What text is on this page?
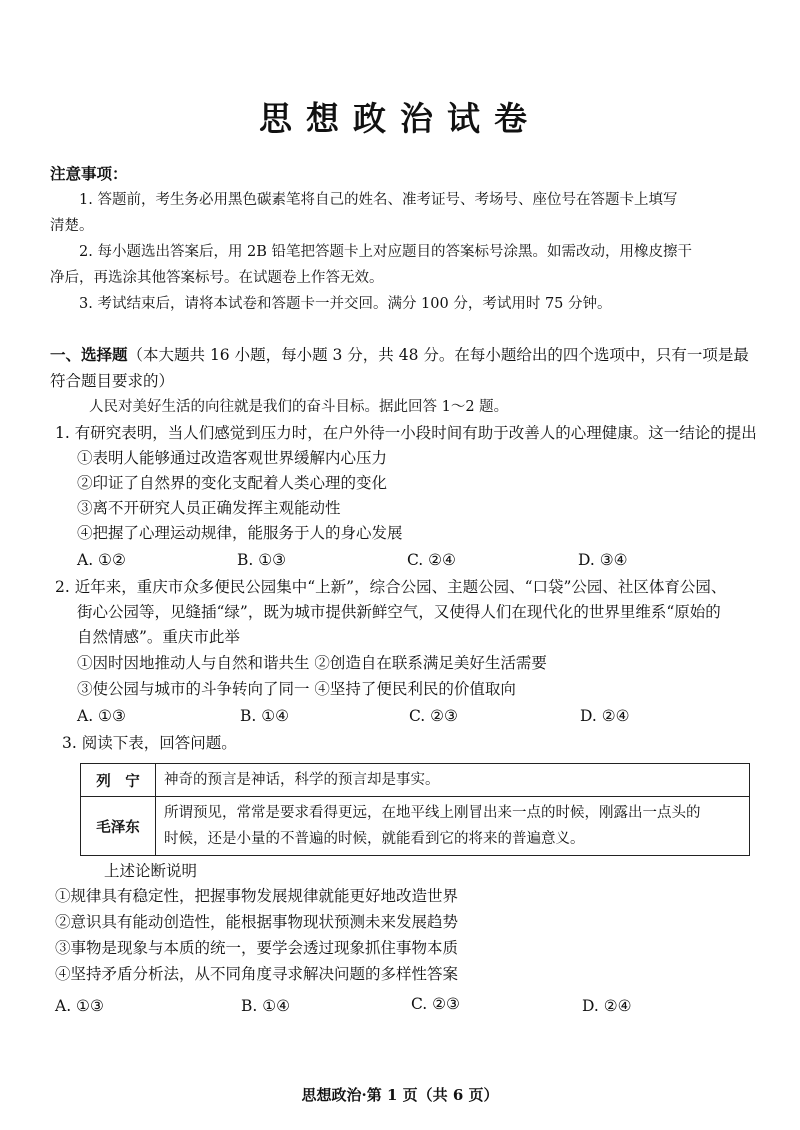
思想政治试卷
注意事项：
1. 答题前，考生务必用黑色碳素笔将自己的姓名、准考证号、考场号、座位号在答题卡上填写
清楚。
2. 每小题选出答案后，用 2B 铅笔把答题卡上对应题目的答案标号涂黑。如需改动，用橡皮擦干
净后，再选涂其他答案标号。在试题卷上作答无效。
3. 考试结束后，请将本试卷和答题卡一并交回。满分 100 分，考试用时 75 分钟。
一、选择题（本大题共 16 小题，每小题 3 分，共 48 分。在每小题给出的四个选项中，只有一项是最
符合题目要求的）
人民对美好生活的向往就是我们的奋斗目标。据此回答 1～2 题。
1. 有研究表明，当人们感觉到压力时，在户外待一小段时间有助于改善人的心理健康。这一结论的提出
①表明人能够通过改造客观世界缓解内心压力
②印证了自然界的变化支配着人类心理的变化
③离不开研究人员正确发挥主观能动性
④把握了心理运动规律，能服务于人的身心发展
A. ①②	B. ①③	C. ②④	D. ③④
2. 近年来，重庆市众多便民公园集中“上新”，综合公园、主题公园、“口袋”公园、社区体育公园、
街心公园等，见缝插“绿”，既为城市提供新鲜空气，又使得人们在现代化的世界里维系“原始的
自然情感”。重庆市此举
①因时因地推动人与自然和谐共生 ②创造自在联系满足美好生活需要
③使公园与城市的斗争转向了同一 ④坚持了便民利民的价值取向
A. ①③	B. ①④	C. ②③	D. ②④
3. 阅读下表，回答问题。
列　宁	神奇的预言是神话，科学的预言却是事实。
毛泽东	所谓预见，常常是要求看得更远，在地平线上刚冒出来一点的时候，刚露出一点头的
时候，还是小量的不普遍的时候，就能看到它的将来的普遍意义。
上述论断说明
①规律具有稳定性，把握事物发展规律就能更好地改造世界
②意识具有能动创造性，能根据事物现状预测未来发展趋势
③事物是现象与本质的统一，要学会透过现象抓住事物本质
④坚持矛盾分析法，从不同角度寻求解决问题的多样性答案
A. ①③	B. ①④	C. ②③	D. ②④
思想政治·第 1 页（共 6 页）
